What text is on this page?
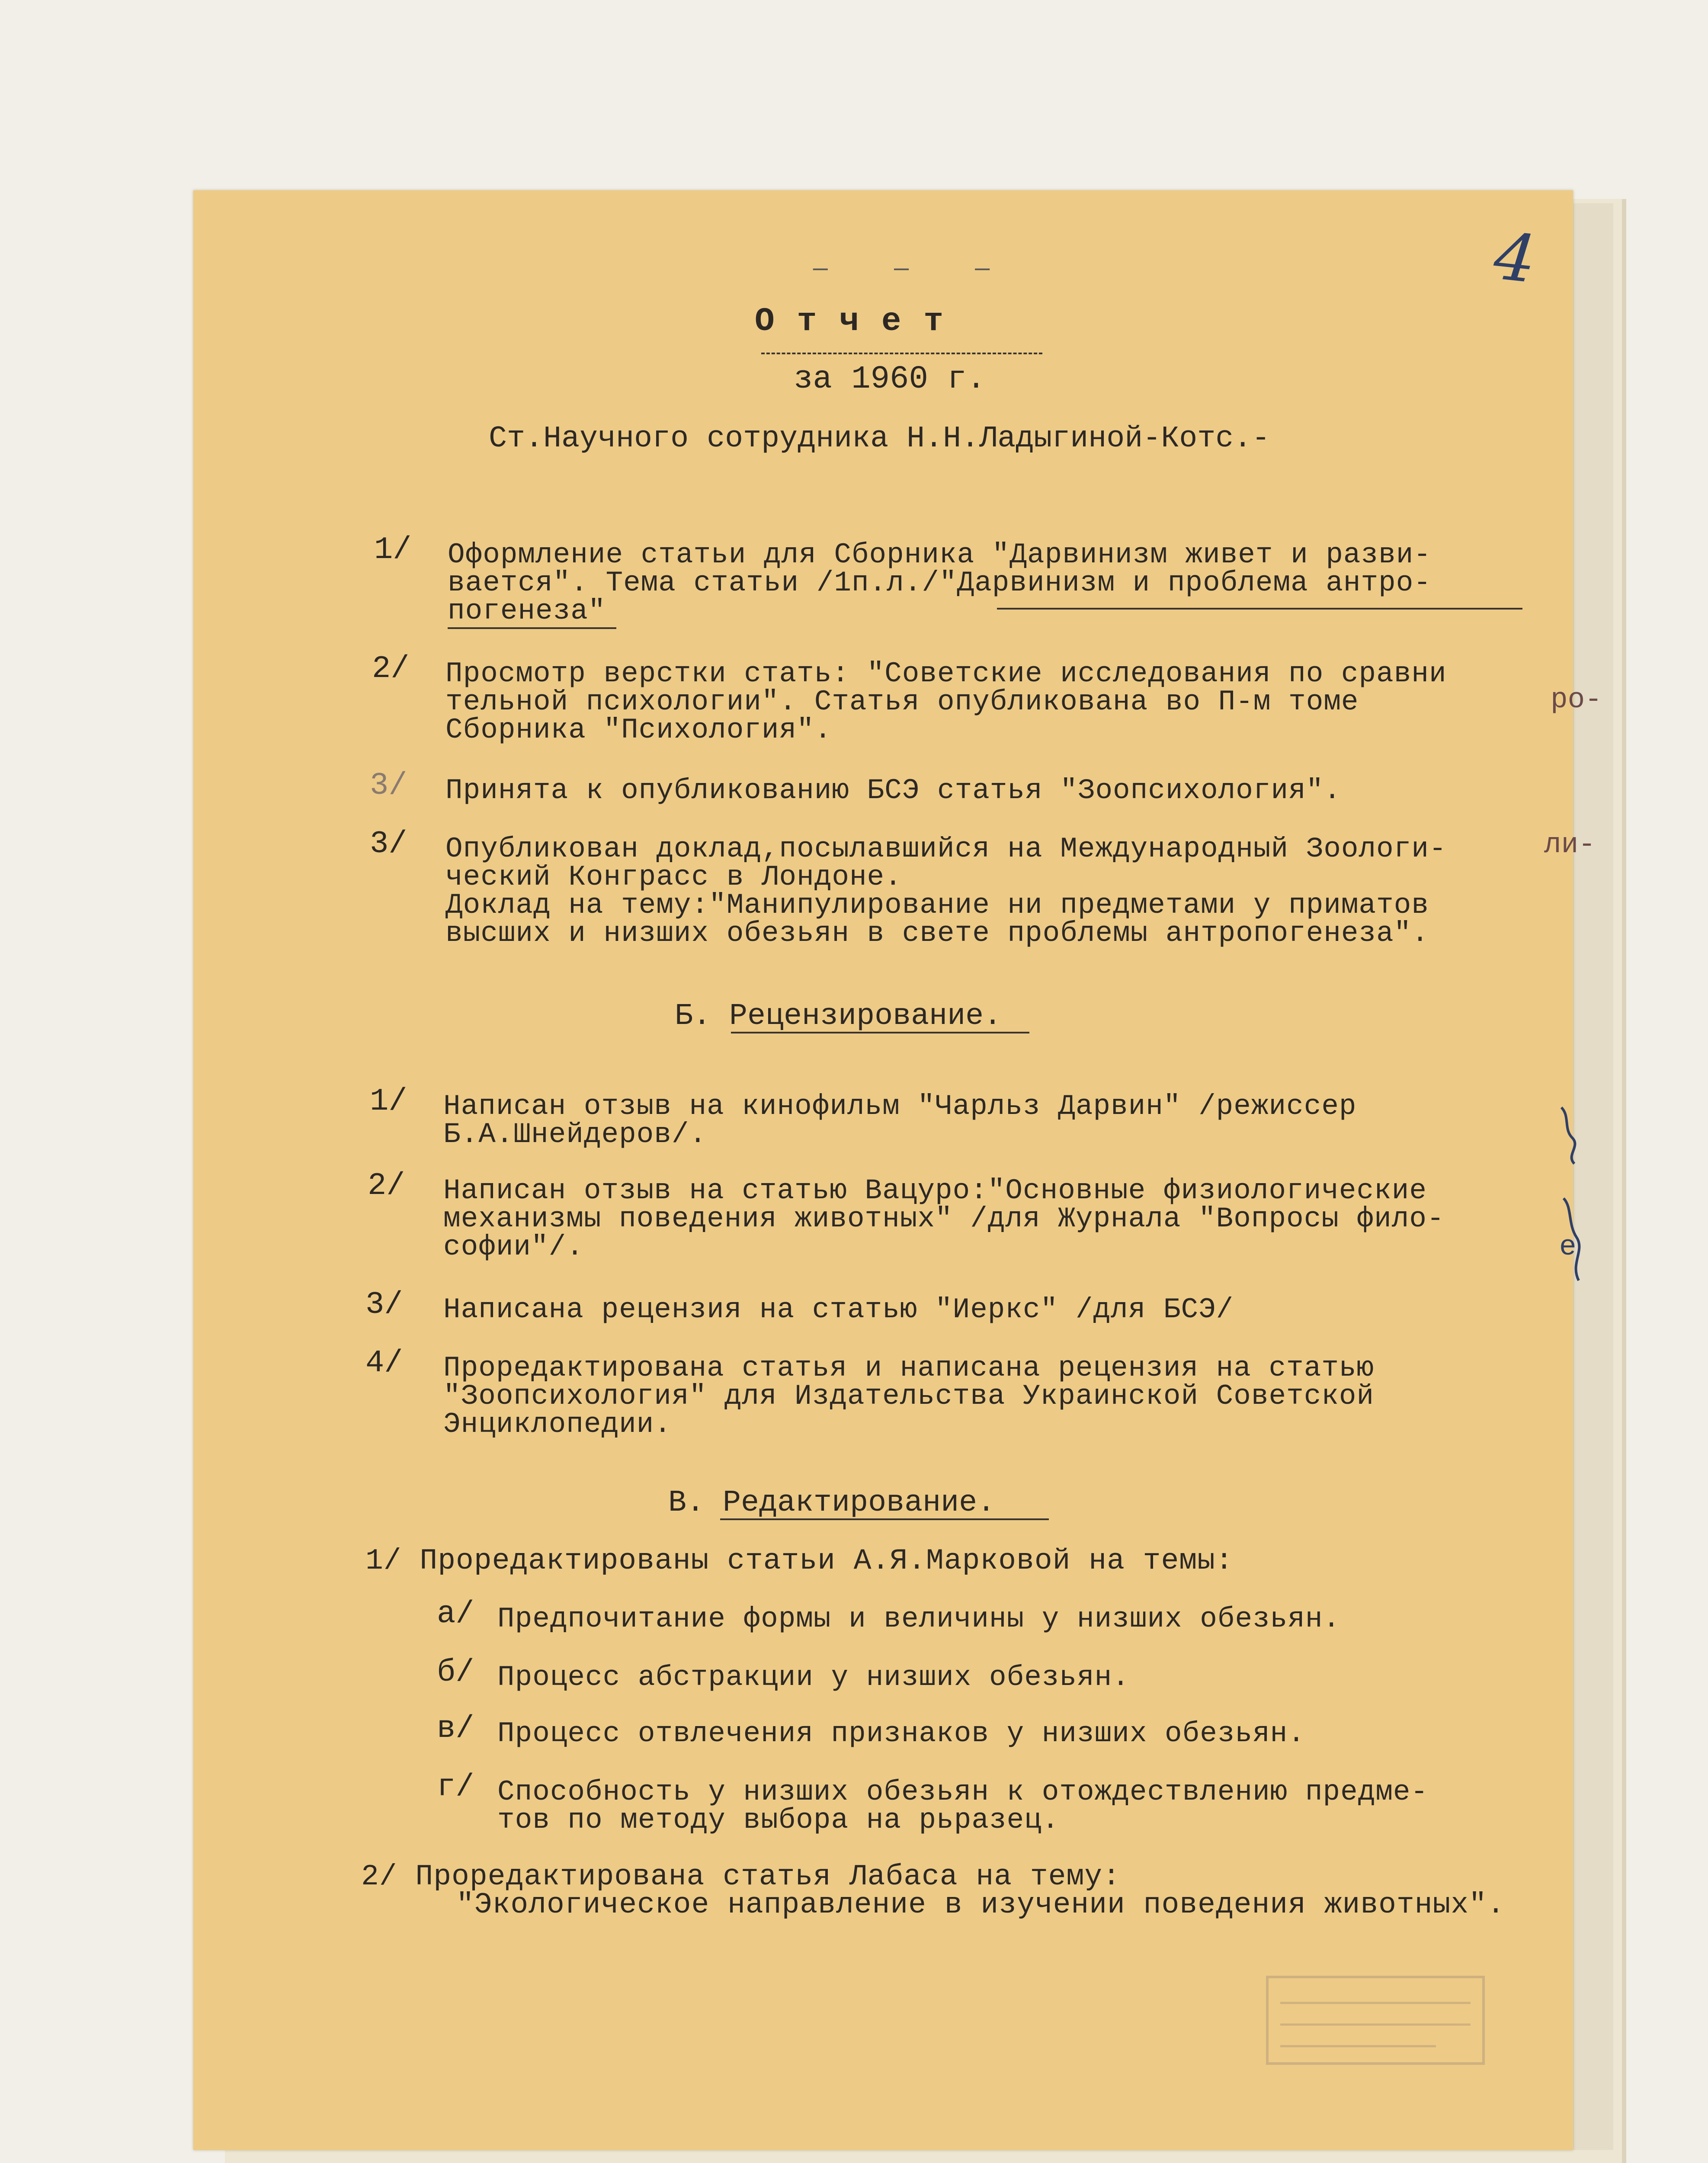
ро-
ли-
е
4
— — —
Отчет
за 1960 г.
Ст.Научного сотрудника Н.Н.Ладыгиной-Котс.-
1/ Оформление статьи для Сборника "Дарвинизм живет и разви-
вается". Тема статьи /1п.л./"Дарвинизм и проблема антро-
погенеза"
2/ Просмотр верстки стать: "Советские исследования по сравни
тельной психологии". Статья опубликована во П-м томе
Сборника "Психология".
3/ Принята к опубликованию БСЭ статья "Зоопсихология".
3/ Опубликован доклад,посылавшийся на Международный Зоологи-
ческий Конграсс в Лондоне.
Доклад на тему:"Манипулирование ни предметами у приматов
высших и низших обезьян в свете проблемы антропогенеза".
Б. Рецензирование.
1/ Написан отзыв на кинофильм "Чарльз Дарвин" /режиссер
Б.А.Шнейдеров/.
2/ Написан отзыв на статью Вацуро:"Основные физиологические
механизмы поведения животных" /для Журнала "Вопросы фило-
софии"/.
3/ Написана рецензия на статью "Иеркс" /для БСЭ/
4/ Проредактирована статья и написана рецензия на статью
"Зоопсихология" для Издательства Украинской Советской
Энциклопедии.
В. Редактирование.
1/ Проредактированы статьи А.Я.Марковой на темы:
а/ Предпочитание формы и величины у низших обезьян.
б/ Процесс абстракции у низших обезьян.
в/ Процесс отвлечения признаков у низших обезьян.
г/ Способность у низших обезьян к отождествлению предме-
тов по методу выбора на рьразец.
2/ Проредактирована статья Лабаса на тему:
"Экологическое направление в изучении поведения животных".
